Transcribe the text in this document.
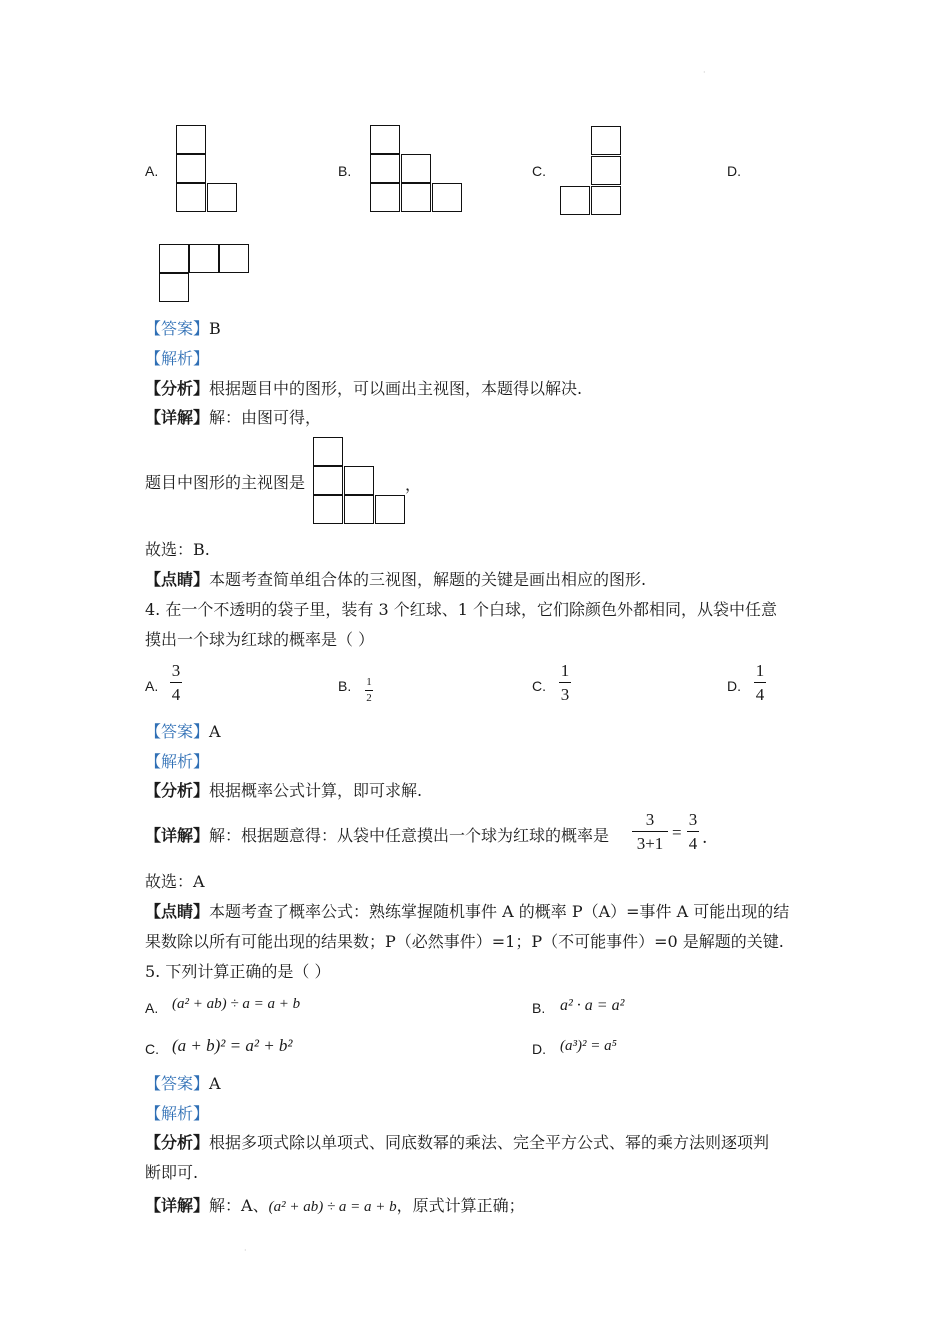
A.	B.	C.	D.
【答案】B
【解析】
【分析】根据题目中的图形，可以画出主视图，本题得以解决.
【详解】解：由图可得，
题目中图形的主视图是	，
故选：B.
【点睛】本题考查简单组合体的三视图，解题的关键是画出相应的图形.
4. 在一个不透明的袋子里，装有 3 个红球、1 个白球，它们除颜色外都相同，从袋中任意
摸出一个球为红球的概率是（ ）
A.
3
4	B. 1
2
C.
1
3	D.
1
4
【答案】A
【解析】
【分析】根据概率公式计算，即可求解.
【详解】解：根据题意得：从袋中任意摸出一个球为红球的概率是
3
3+1
=
3
4 .
故选：A
【点睛】本题考查了概率公式：熟练掌握随机事件 A 的概率 P（A）=事件 A 可能出现的结
果数除以所有可能出现的结果数；P（必然事件）=1；P（不可能事件）=0 是解题的关键.
5. 下列计算正确的是（ ）
A. (a² + ab) ÷ a = a + b	B. a² · a = a²
C. (a + b)² = a² + b²	D. (a³)² = a⁵
【答案】A
【解析】
【分析】根据多项式除以单项式、同底数幂的乘法、完全平方公式、幂的乘方法则逐项判
断即可.
【详解】解：A、(a² + ab) ÷ a = a + b，原式计算正确；
·
·
